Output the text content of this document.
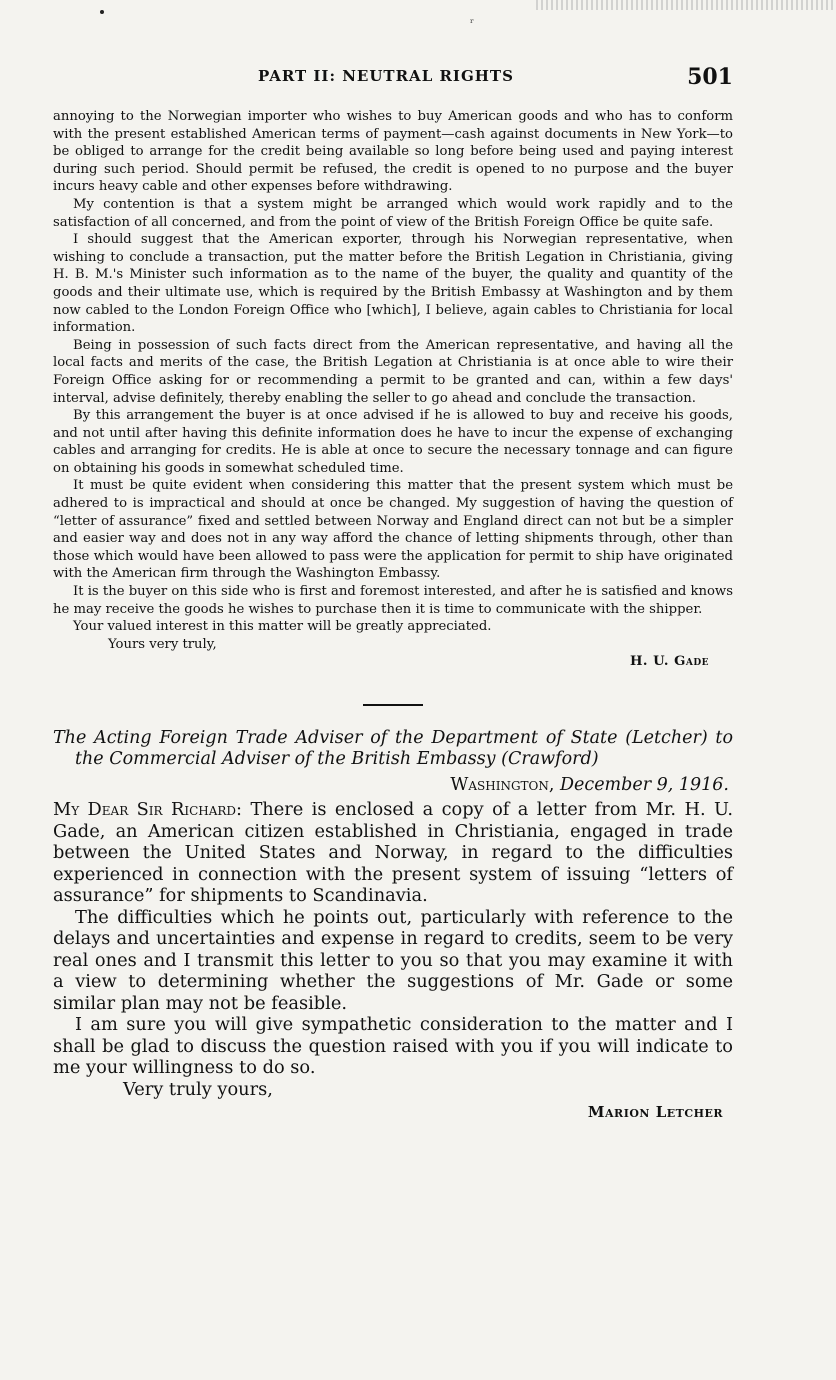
ʳ
PART II: NEUTRAL RIGHTS	501

annoying to the Norwegian importer who wishes to buy American goods and who has to conform with the present established American terms of payment—cash against documents in New York—to be obliged to arrange for the credit being available so long before being used and paying interest during such period. Should permit be refused, the credit is opened to no purpose and the buyer incurs heavy cable and other expenses before withdrawing.

My contention is that a system might be arranged which would work rapidly and to the satisfaction of all concerned, and from the point of view of the British Foreign Office be quite safe.

I should suggest that the American exporter, through his Norwegian representative, when wishing to conclude a transaction, put the matter before the British Legation in Christiania, giving H. B. M.'s Minister such information as to the name of the buyer, the quality and quantity of the goods and their ultimate use, which is required by the British Embassy at Washington and by them now cabled to the London Foreign Office who [which], I believe, again cables to Christiania for local information.

Being in possession of such facts direct from the American representative, and having all the local facts and merits of the case, the British Legation at Christiania is at once able to wire their Foreign Office asking for or recommending a permit to be granted and can, within a few days' interval, advise definitely, thereby enabling the seller to go ahead and conclude the transaction.

By this arrangement the buyer is at once advised if he is allowed to buy and receive his goods, and not until after having this definite information does he have to incur the expense of exchanging cables and arranging for credits. He is able at once to secure the necessary tonnage and can figure on obtaining his goods in somewhat scheduled time.

It must be quite evident when considering this matter that the present system which must be adhered to is impractical and should at once be changed. My suggestion of having the question of “letter of assurance” fixed and settled between Norway and England direct can not but be a simpler and easier way and does not in any way afford the chance of letting shipments through, other than those which would have been allowed to pass were the application for permit to ship have originated with the American firm through the Washington Embassy.

It is the buyer on this side who is first and foremost interested, and after he is satisfied and knows he may receive the goods he wishes to purchase then it is time to communicate with the shipper.

Your valued interest in this matter will be greatly appreciated.

Yours very truly,
H. U. Gade
The Acting Foreign Trade Adviser of the Department of State (Letcher) to the Commercial Adviser of the British Embassy (Crawford)
Washington, December 9, 1916.

My Dear Sir Richard: There is enclosed a copy of a letter from Mr. H. U. Gade, an American citizen established in Christiania, engaged in trade between the United States and Norway, in regard to the difficulties experienced in connection with the present system of issuing “letters of assurance” for shipments to Scandinavia.

The difficulties which he points out, particularly with reference to the delays and uncertainties and expense in regard to credits, seem to be very real ones and I transmit this letter to you so that you may examine it with a view to determining whether the suggestions of Mr. Gade or some similar plan may not be feasible.

I am sure you will give sympathetic consideration to the matter and I shall be glad to discuss the question raised with you if you will indicate to me your willingness to do so.

Very truly yours,
Marion Letcher
